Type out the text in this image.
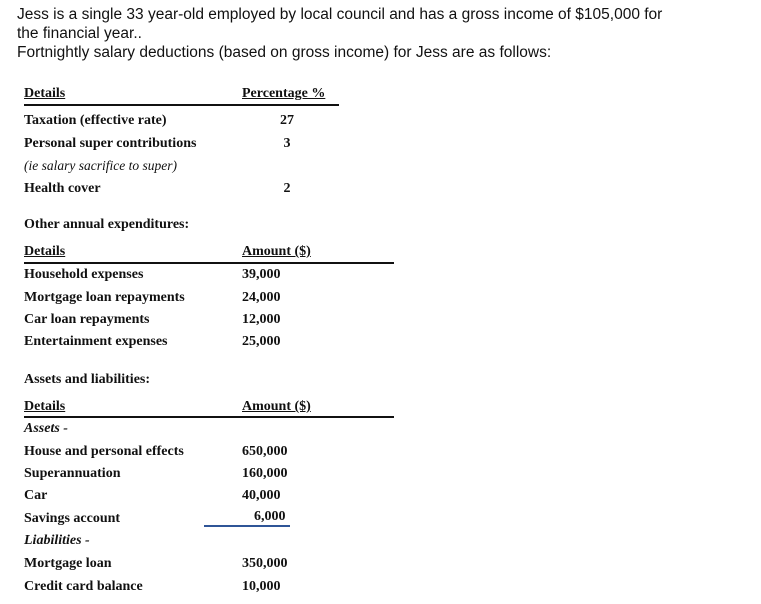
Jess is a single 33 year-old employed by local council and has a gross income of $105,000 for
the financial year..
Fortnightly salary deductions (based on gross income) for Jess are as follows:
Details	Percentage %
Taxation (effective rate)	27
Personal super contributions	3
(ie salary sacrifice to super)
Health cover	2
Other annual expenditures:
Details	Amount ($)
Household expenses	39,000
Mortgage loan repayments	24,000
Car loan repayments	12,000
Entertainment expenses	25,000
Assets and liabilities:
Details	Amount ($)
Assets -
House and personal effects	650,000
Superannuation	160,000
Car	40,000
Savings account	6,000
Liabilities -
Mortgage loan	350,000
Credit card balance	10,000
